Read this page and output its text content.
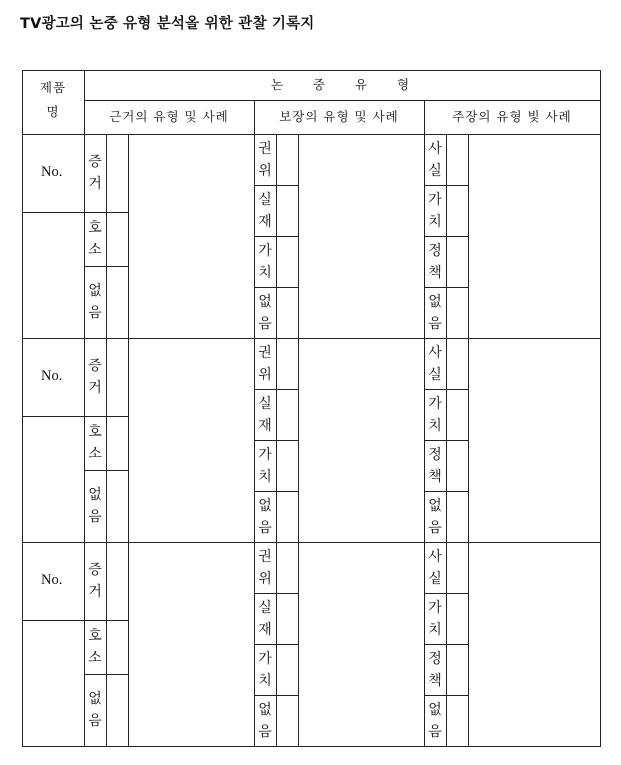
TV광고의 논중 유형 분석올 위한 관찰 기록지
제품
명
논 중 유 형
근거의 유형 및 사례	보장의 유형 및 사례	주장의 유형 빛 사례
No.
증
거
호
소
없
음
권
위
실
재
가
치
없
음
사
실
가
치
정
책
없
음
No.
증
거
호
소
없
음
권
위
실
재
가
치
없
음
사
실
가
치
정
책
없
음
No.
증
거
호
소
없
음
권
위
실
재
가
치
없
음
사
싵
가
치
정
책
없
음
